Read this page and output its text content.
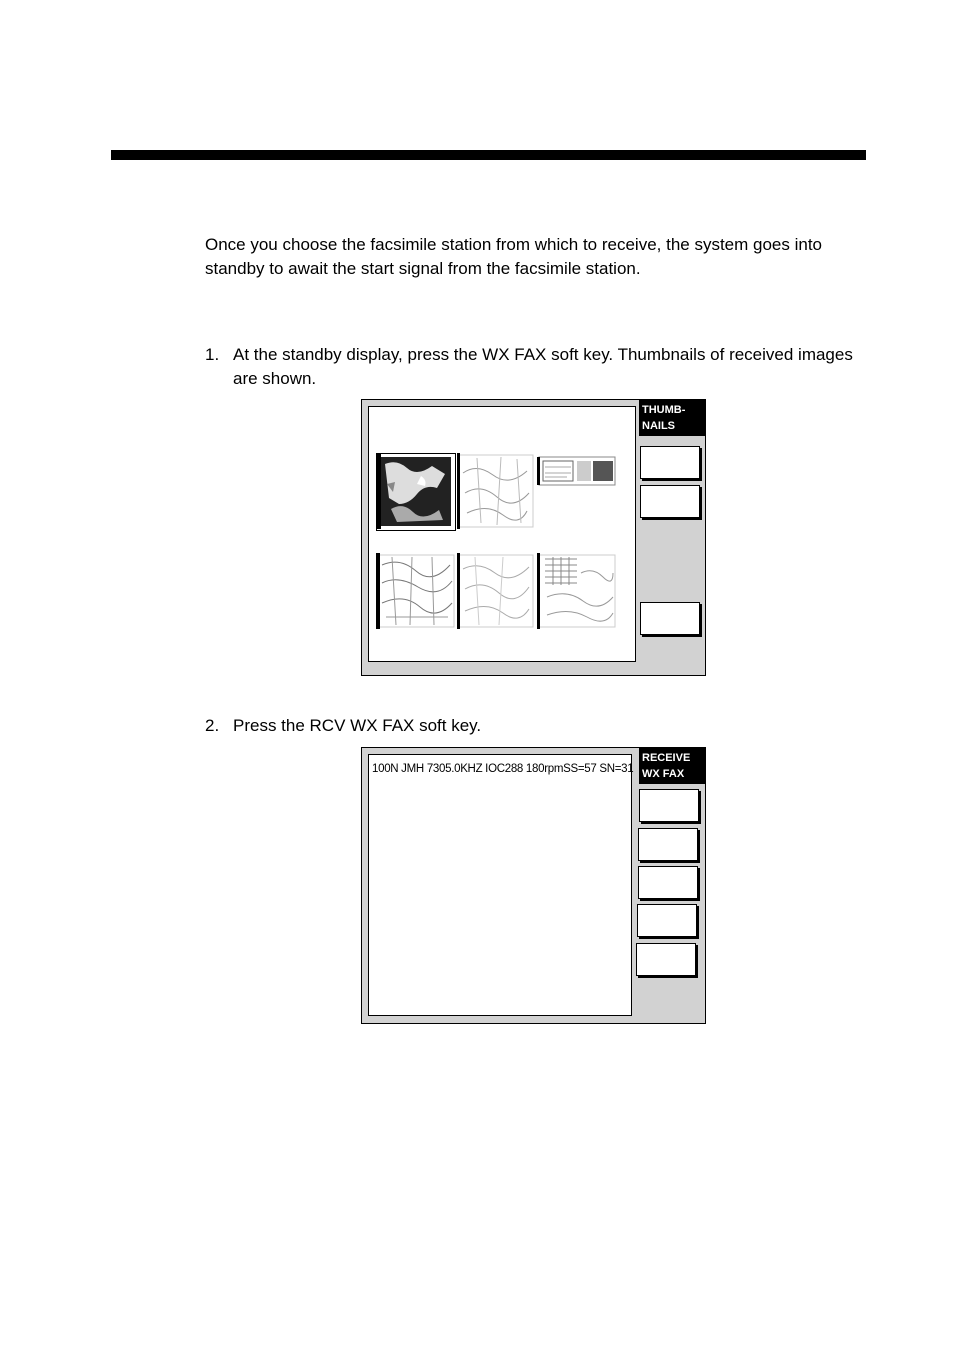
Once you choose the facsimile station from which to receive, the system goes into standby to await the start signal from the facsimile station.

1. At the standby display, press the WX FAX soft key. Thumbnails of received images are shown.
THUMB-
NAILS
2. Press the RCV WX FAX soft key.
100N JMH 7305.0KHZ IOC288 180rpmSS=57 SN=31
RECEIVE
WX FAX
